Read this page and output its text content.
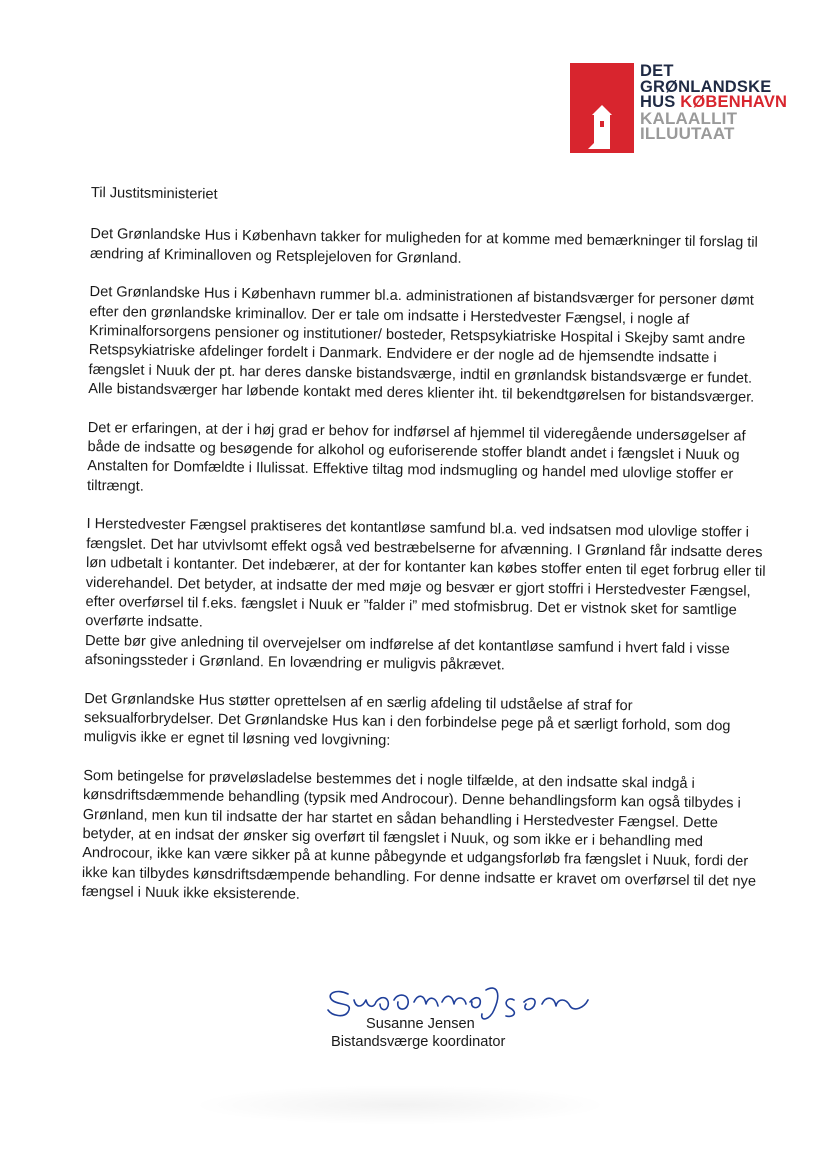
DET
GRØNLANDSKE
HUS KØBENHAVN
KALAALLIT
ILLUUTAAT

Til Justitsministeriet

Det Grønlandske Hus i København takker for muligheden for at komme med bemærkninger til forslag til ændring af Kriminalloven og Retsplejeloven for Grønland.

Det Grønlandske Hus i København rummer bl.a. administrationen af bistandsværger for personer dømt efter den grønlandske kriminallov. Der er tale om indsatte i Herstedvester Fængsel, i nogle af Kriminalforsorgens pensioner og institutioner/ bosteder, Retspsykiatriske Hospital i Skejby samt andre Retspsykiatriske afdelinger fordelt i Danmark. Endvidere er der nogle ad de hjemsendte indsatte i fængslet i Nuuk der pt. har deres danske bistandsværge, indtil en grønlandsk bistandsværge er fundet. Alle bistandsværger har løbende kontakt med deres klienter iht. til bekendtgørelsen for bistandsværger.

Det er erfaringen, at der i høj grad er behov for indførsel af hjemmel til videregående undersøgelser af både de indsatte og besøgende for alkohol og euforiserende stoffer blandt andet i fængslet i Nuuk og Anstalten for Domfældte i Ilulissat. Effektive tiltag mod indsmugling og handel med ulovlige stoffer er tiltrængt.

I Herstedvester Fængsel praktiseres det kontantløse samfund bl.a. ved indsatsen mod ulovlige stoffer i fængslet. Det har utvivlsomt effekt også ved bestræbelserne for afvænning. I Grønland får indsatte deres løn udbetalt i kontanter. Det indebærer, at der for kontanter kan købes stoffer enten til eget forbrug eller til viderehandel. Det betyder, at indsatte der med møje og besvær er gjort stoffri i Herstedvester Fængsel, efter overførsel til f.eks. fængslet i Nuuk er ”falder i” med stofmisbrug. Det er vistnok sket for samtlige overførte indsatte.

Dette bør give anledning til overvejelser om indførelse af det kontantløse samfund i hvert fald i visse afsoningssteder i Grønland. En lovændring er muligvis påkrævet.

Det Grønlandske Hus støtter oprettelsen af en særlig afdeling til udståelse af straf for seksualforbrydelser. Det Grønlandske Hus kan i den forbindelse pege på et særligt forhold, som dog muligvis ikke er egnet til løsning ved lovgivning:

Som betingelse for prøveløsladelse bestemmes det i nogle tilfælde, at den indsatte skal indgå i kønsdriftsdæmmende behandling (typsik med Androcour). Denne behandlingsform kan også tilbydes i Grønland, men kun til indsatte der har startet en sådan behandling i Herstedvester Fængsel. Dette betyder, at en indsat der ønsker sig overført til fængslet i Nuuk, og som ikke er i behandling med Androcour, ikke kan være sikker på at kunne påbegynde et udgangsforløb fra fængslet i Nuuk, fordi der ikke kan tilbydes kønsdriftsdæmpende behandling. For denne indsatte er kravet om overførsel til det nye fængsel i Nuuk ikke eksisterende.

Susanne Jensen
Bistandsværge koordinator
